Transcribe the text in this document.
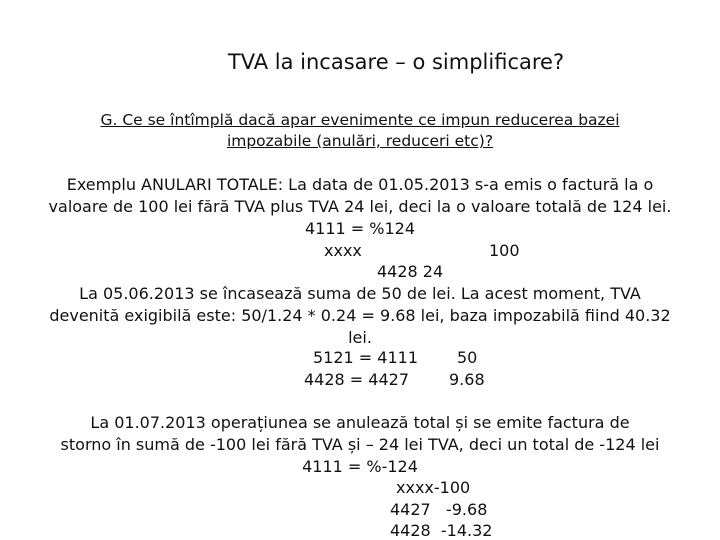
TVA la incasare – o simplificare?
G. Ce se întîmplă dacă apar evenimente ce impun reducerea bazei
impozabile (anulări, reduceri etc)?
Exemplu ANULARI TOTALE: La data de 01.05.2013 s-a emis o factură la o
valoare de 100 lei fără TVA plus TVA 24 lei, deci la o valoare totală de 124 lei.
4111 = %124
xxxx	100
4428 24
La 05.06.2013 se încasează suma de 50 de lei. La acest moment, TVA
devenită exigibilă este: 50/1.24 * 0.24 = 9.68 lei, baza impozabilă fiind 40.32
lei.
5121 = 4111 50
4428 = 4427 9.68
La 01.07.2013 operațiunea se anulează total și se emite factura de
storno în sumă de -100 lei fără TVA și – 24 lei TVA, deci un total de -124 lei
4111 = %-124
xxxx-100
4427   -9.68
4428  -14.32
